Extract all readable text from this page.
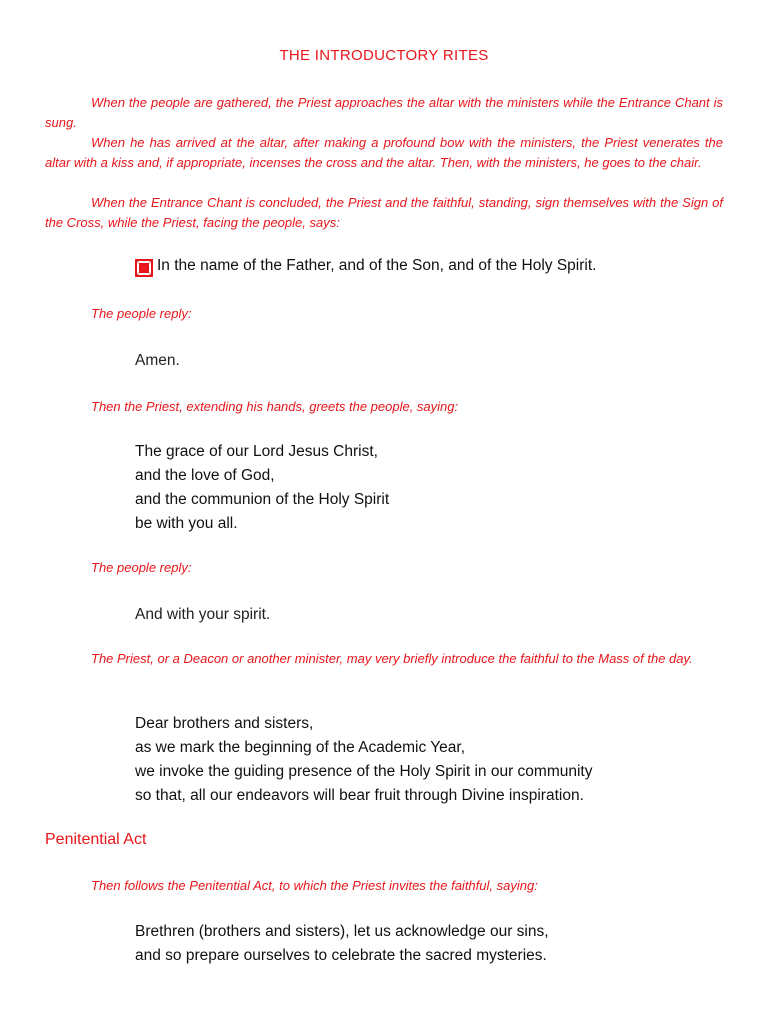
THE INTRODUCTORY RITES
When the people are gathered, the Priest approaches the altar with the ministers while the Entrance Chant is sung.
When he has arrived at the altar, after making a profound bow with the ministers, the Priest venerates the altar with a kiss and, if appropriate, incenses the cross and the altar. Then, with the ministers, he goes to the chair.
When the Entrance Chant is concluded, the Priest and the faithful, standing, sign themselves with the Sign of the Cross, while the Priest, facing the people, says:
In the name of the Father, and of the Son, and of the Holy Spirit.
The people reply:
Amen.
Then the Priest, extending his hands, greets the people, saying:
The grace of our Lord Jesus Christ,
and the love of God,
and the communion of the Holy Spirit
be with you all.
The people reply:
And with your spirit.
The Priest, or a Deacon or another minister, may very briefly introduce the faithful to the Mass of the day.
Dear brothers and sisters,
as we mark the beginning of the Academic Year,
we invoke the guiding presence of the Holy Spirit in our community
so that, all our endeavors will bear fruit through Divine inspiration.
Penitential Act
Then follows the Penitential Act, to which the Priest invites the faithful, saying:
Brethren (brothers and sisters), let us acknowledge our sins,
and so prepare ourselves to celebrate the sacred mysteries.
